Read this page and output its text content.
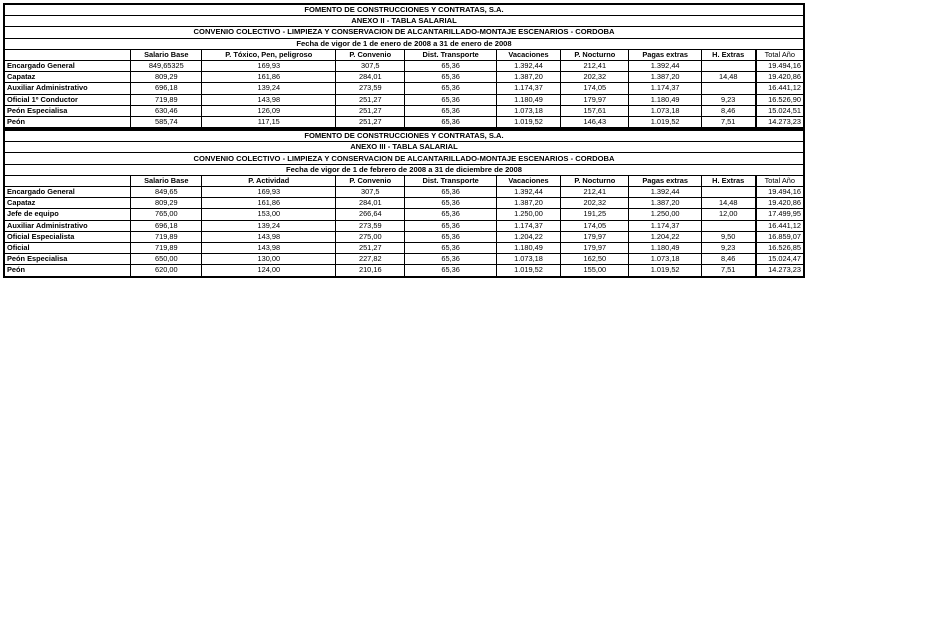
FOMENTO DE CONSTRUCCIONES Y CONTRATAS, S.A.									
ANEXO II - TABLA SALARIAL									
CONVENIO COLECTIVO - LIMPIEZA Y CONSERVACION DE ALCANTARILLADO-MONTAJE ESCENARIOS - CORDOBA									
Fecha de vigor de 1 de enero de 2008 a 31 de enero de 2008									
	Salario Base	P. Tóxico, Pen, peligroso	P. Convenio	Dist. Transporte	Vacaciones	P. Nocturno	Pagas extras	H. Extras	Total Año
Encargado General	849,65325	169,93	307,5	65,36	1.392,44	212,41	1.392,44		19.494,16
Capataz	809,29	161,86	284,01	65,36	1.387,20	202,32	1.387,20	14,48	19.420,86
Auxiliar Administrativo	696,18	139,24	273,59	65,36	1.174,37	174,05	1.174,37		16.441,12
Oficial 1º Conductor	719,89	143,98	251,27	65,36	1.180,49	179,97	1.180,49	9,23	16.526,90
Peón Especialisa	630,46	126,09	251,27	65,36	1.073,18	157,61	1.073,18	8,46	15.024,51
Peón	585,74	117,15	251,27	65,36	1.019,52	146,43	1.019,52	7,51	14.273,23
FOMENTO DE CONSTRUCCIONES Y CONTRATAS, S.A.									
ANEXO III - TABLA SALARIAL									
CONVENIO COLECTIVO - LIMPIEZA Y CONSERVACION DE ALCANTARILLADO-MONTAJE ESCENARIOS - CORDOBA									
Fecha de vigor de 1 de febrero de 2008 a 31 de diciembre de 2008									
	Salario Base	P. Actividad	P. Convenio	Dist. Transporte	Vacaciones	P. Nocturno	Pagas extras	H. Extras	Total Año
Encargado General	849,65	169,93	307,5	65,36	1.392,44	212,41	1.392,44		19.494,16
Capataz	809,29	161,86	284,01	65,36	1.387,20	202,32	1.387,20	14,48	19.420,86
Jefe de equipo	765,00	153,00	266,64	65,36	1.250,00	191,25	1.250,00	12,00	17.499,95
Auxiliar Administrativo	696,18	139,24	273,59	65,36	1.174,37	174,05	1.174,37		16.441,12
Oficial Especialista	719,89	143,98	275,00	65,36	1.204,22	179,97	1.204,22	9,50	16.859,07
Oficial	719,89	143,98	251,27	65,36	1.180,49	179,97	1.180,49	9,23	16.526,85
Peón Especialisa	650,00	130,00	227,82	65,36	1.073,18	162,50	1.073,18	8,46	15.024,47
Peón	620,00	124,00	210,16	65,36	1.019,52	155,00	1.019,52	7,51	14.273,23
